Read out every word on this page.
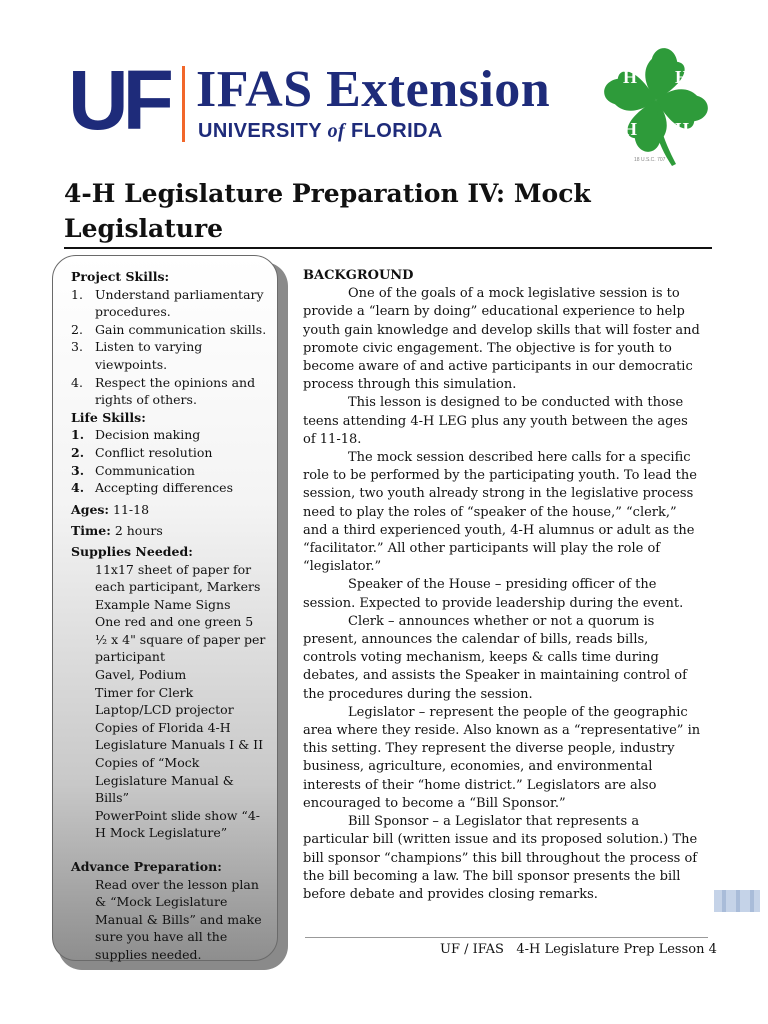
UF IFAS Extension
UNIVERSITY of FLORIDA
H H
H H
18 U.S.C. 707
4-H Legislature Preparation IV: Mock Legislature

Project Skills:

1. Understand parliamentary procedures.
2. Gain communication skills.
3. Listen to varying viewpoints.
4. Respect the opinions and rights of others.

Life Skills:

1. Decision making
2. Conflict resolution
3. Communication
4. Accepting differences

Ages: 11-18

Time: 2 hours

Supplies Needed:

11x17 sheet of paper for each participant, Markers

Example Name Signs

One red and one green 5 ½ x 4" square of paper per participant

Gavel, Podium

Timer for Clerk

Laptop/LCD projector

Copies of Florida 4-H Legislature Manuals I & II

Copies of “Mock Legislature Manual & Bills”

PowerPoint slide show “4-H Mock Legislature”

Advance Preparation:

Read over the lesson plan & “Mock Legislature Manual & Bills” and make sure you have all the supplies needed.

BACKGROUND

One of the goals of a mock legislative session is to provide a “learn by doing” educational experience to help youth gain knowledge and develop skills that will foster and promote civic engagement. The objective is for youth to become aware of and active participants in our democratic process through this simulation.

This lesson is designed to be conducted with those teens attending 4-H LEG plus any youth between the ages of 11-18.

The mock session described here calls for a specific role to be performed by the participating youth. To lead the session, two youth already strong in the legislative process need to play the roles of “speaker of the house,” “clerk,” and a third experienced youth, 4-H alumnus or adult as the “facilitator.” All other participants will play the role of “legislator.”

Speaker of the House – presiding officer of the session. Expected to provide leadership during the event.

Clerk – announces whether or not a quorum is present, announces the calendar of bills, reads bills, controls voting mechanism, keeps & calls time during debates, and assists the Speaker in maintaining control of the procedures during the session.

Legislator – represent the people of the geographic area where they reside. Also known as a “representative” in this setting. They represent the diverse people, industry business, agriculture, economies, and environmental interests of their “home district.” Legislators are also encouraged to become a “Bill Sponsor.”

Bill Sponsor – a Legislator that represents a particular bill (written issue and its proposed solution.) The bill sponsor “champions” this bill throughout the process of the bill becoming a law. The bill sponsor presents the bill before debate and provides closing remarks.

UF / IFAS   4-H Legislature Prep Lesson 4
